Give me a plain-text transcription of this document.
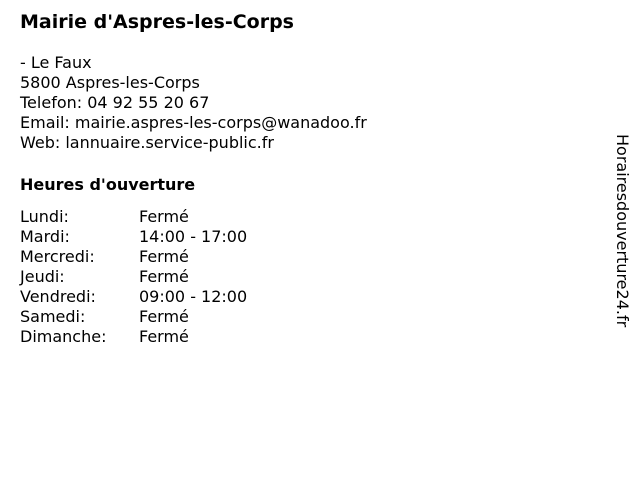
Mairie d'Aspres-les-Corps
- Le Faux
5800 Aspres-les-Corps
Telefon: 04 92 55 20 67
Email: mairie.aspres-les-corps@wanadoo.fr
Web: lannuaire.service-public.fr
Heures d'ouverture
Lundi:	Fermé
Mardi:	14:00 - 17:00
Mercredi:	Fermé
Jeudi:	Fermé
Vendredi:	09:00 - 12:00
Samedi:	Fermé
Dimanche: Fermé
Horairesdouverture24.fr
